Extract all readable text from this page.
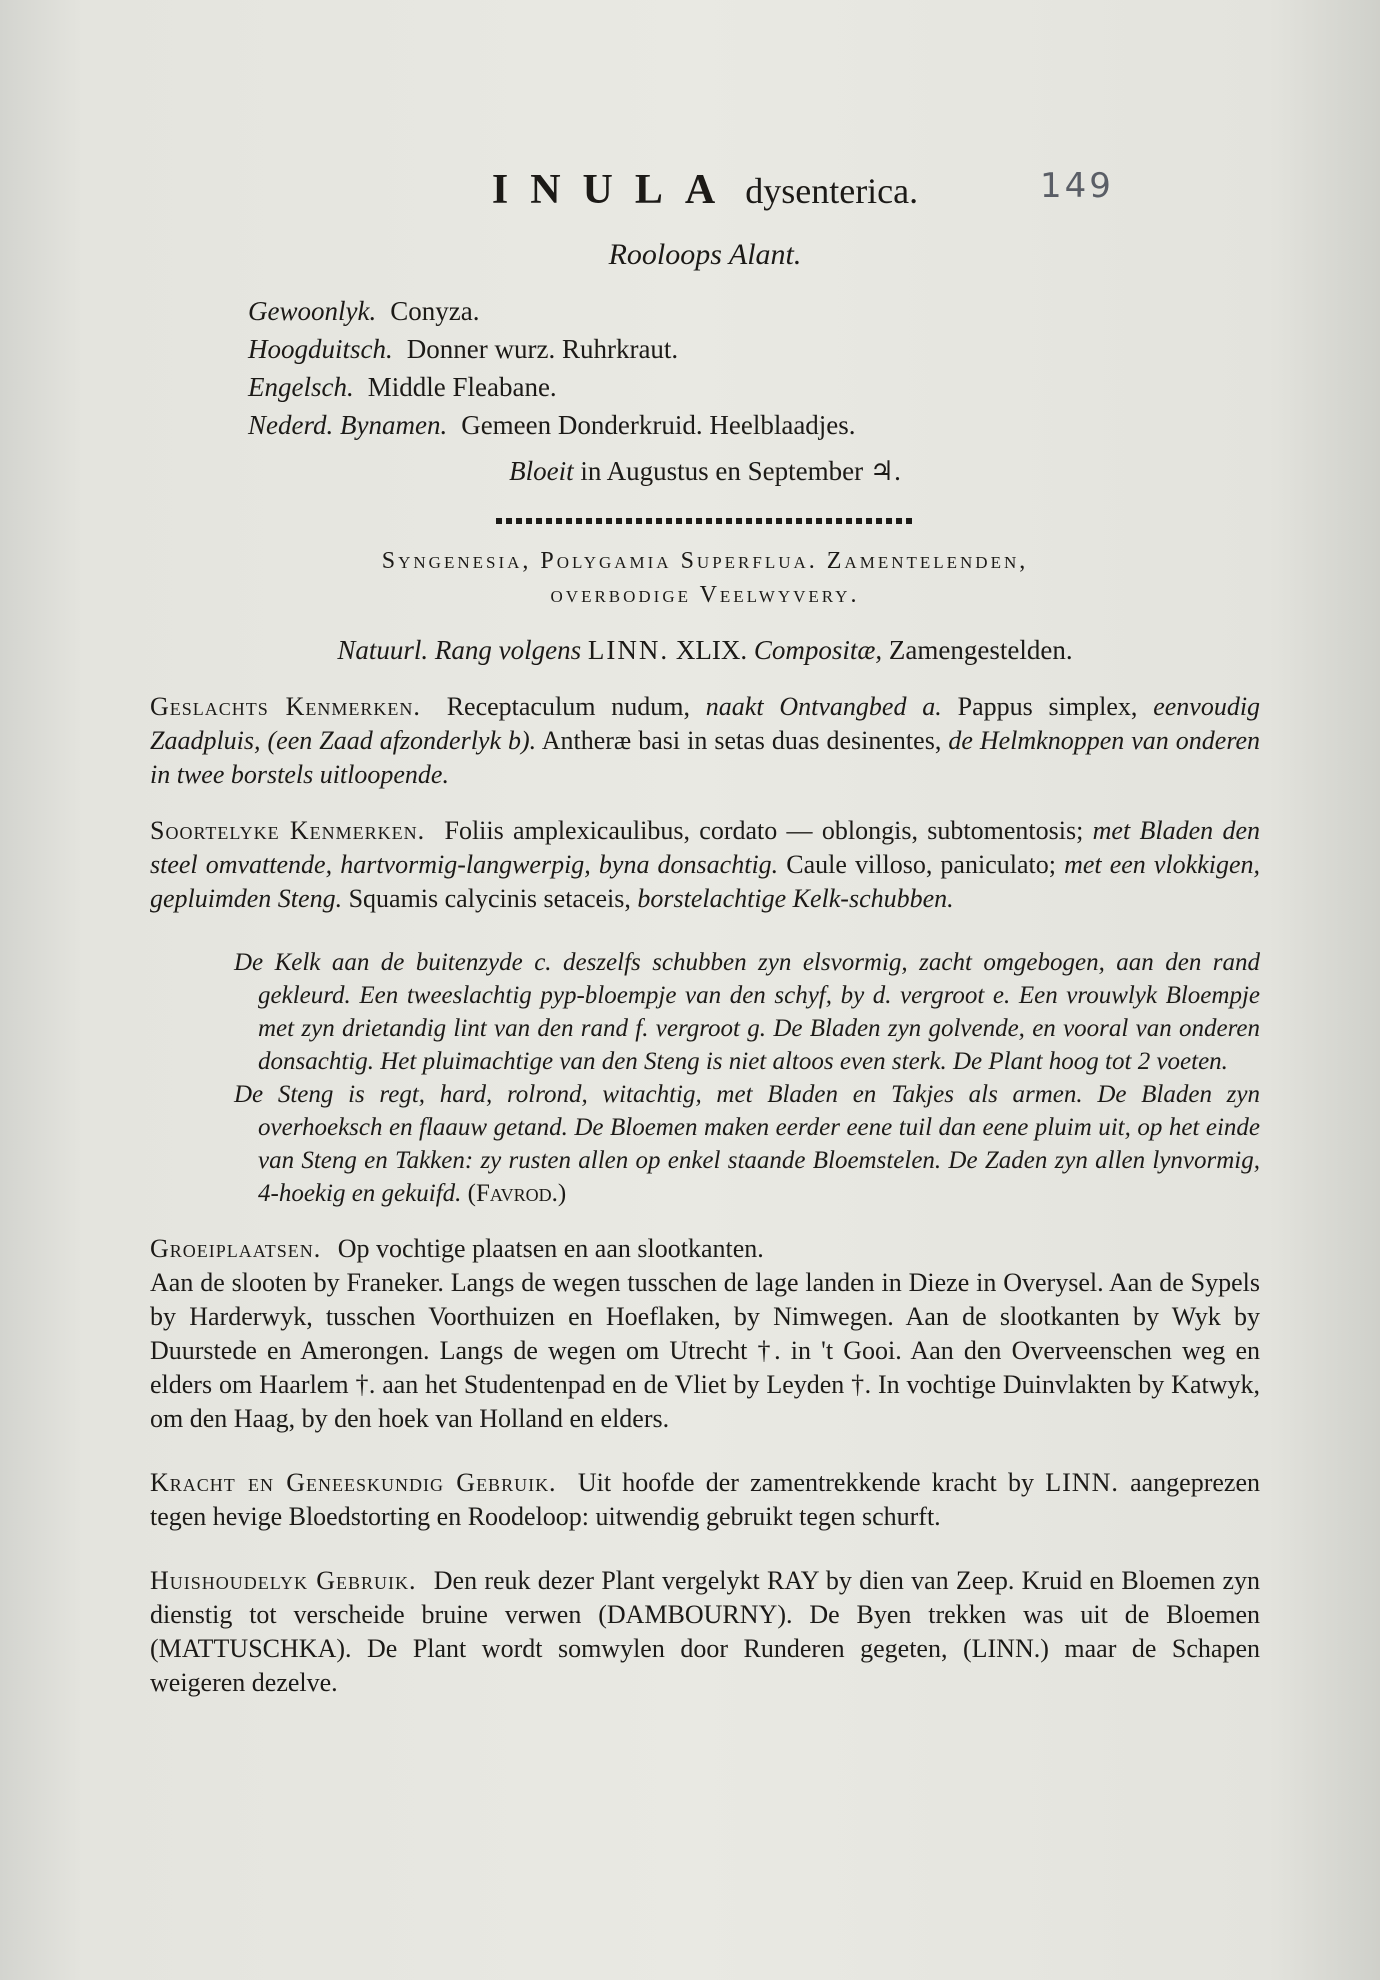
INULA dysenterica.	149
Rooloops Alant.
Gewoonlyk. Conyza.
Hoogduitsch. Donner wurz. Ruhrkraut.
Engelsch. Middle Fleabane.
Nederd. Bynamen. Gemeen Donderkruid. Heelblaadjes.
Bloeit in Augustus en September ♃.
Syngenesia, Polygamia Superflua. Zamentelenden,
overbodige Veelwyvery.
Natuurl. Rang volgens LINN. XLIX. Compositæ, Zamengestelden.
Geslachts Kenmerken. Receptaculum nudum, naakt Ontvangbed a. Pappus simplex, eenvoudig Zaadpluis, (een Zaad afzonderlyk b). Antheræ basi in setas duas desinentes, de Helmknoppen van onderen in twee borstels uitloopende.
Soortelyke Kenmerken. Foliis amplexicaulibus, cordato — oblongis, subtomentosis; met Bladen den steel omvattende, hartvormig-langwerpig, byna donsachtig. Caule villoso, paniculato; met een vlokkigen, gepluimden Steng. Squamis calycinis setaceis, borstelachtige Kelk-schubben.

De Kelk aan de buitenzyde c. deszelfs schubben zyn elsvormig, zacht omgebogen, aan den rand gekleurd. Een tweeslachtig pyp-bloempje van den schyf, by d. vergroot e. Een vrouwlyk Bloempje met zyn drietandig lint van den rand f. vergroot g. De Bladen zyn golvende, en vooral van onderen donsachtig. Het pluimachtige van den Steng is niet altoos even sterk. De Plant hoog tot 2 voeten.

De Steng is regt, hard, rolrond, witachtig, met Bladen en Takjes als armen. De Bladen zyn overhoeksch en flaauw getand. De Bloemen maken eerder eene tuil dan eene pluim uit, op het einde van Steng en Takken: zy rusten allen op enkel staande Bloemstelen. De Zaden zyn allen lynvormig, 4-hoekig en gekuifd. (Favrod.)

Groeiplaatsen. Op vochtige plaatsen en aan slootkanten.
Aan de slooten by Franeker. Langs de wegen tusschen de lage landen in Dieze in Overysel. Aan de Sypels by Harderwyk, tusschen Voorthuizen en Hoeflaken, by Nimwegen. Aan de slootkanten by Wyk by Duurstede en Amerongen. Langs de wegen om Utrecht †. in 't Gooi. Aan den Overveenschen weg en elders om Haarlem †. aan het Studentenpad en de Vliet by Leyden †. In vochtige Duinvlakten by Katwyk, om den Haag, by den hoek van Holland en elders.
Kracht en Geneeskundig Gebruik. Uit hoofde der zamentrekkende kracht by LINN. aangeprezen tegen hevige Bloedstorting en Roodeloop: uitwendig gebruikt tegen schurft.
Huishoudelyk Gebruik. Den reuk dezer Plant vergelykt RAY by dien van Zeep. Kruid en Bloemen zyn dienstig tot verscheide bruine verwen (DAMBOURNY). De Byen trekken was uit de Bloemen (MATTUSCHKA). De Plant wordt somwylen door Runderen gegeten, (LINN.) maar de Schapen weigeren dezelve.
